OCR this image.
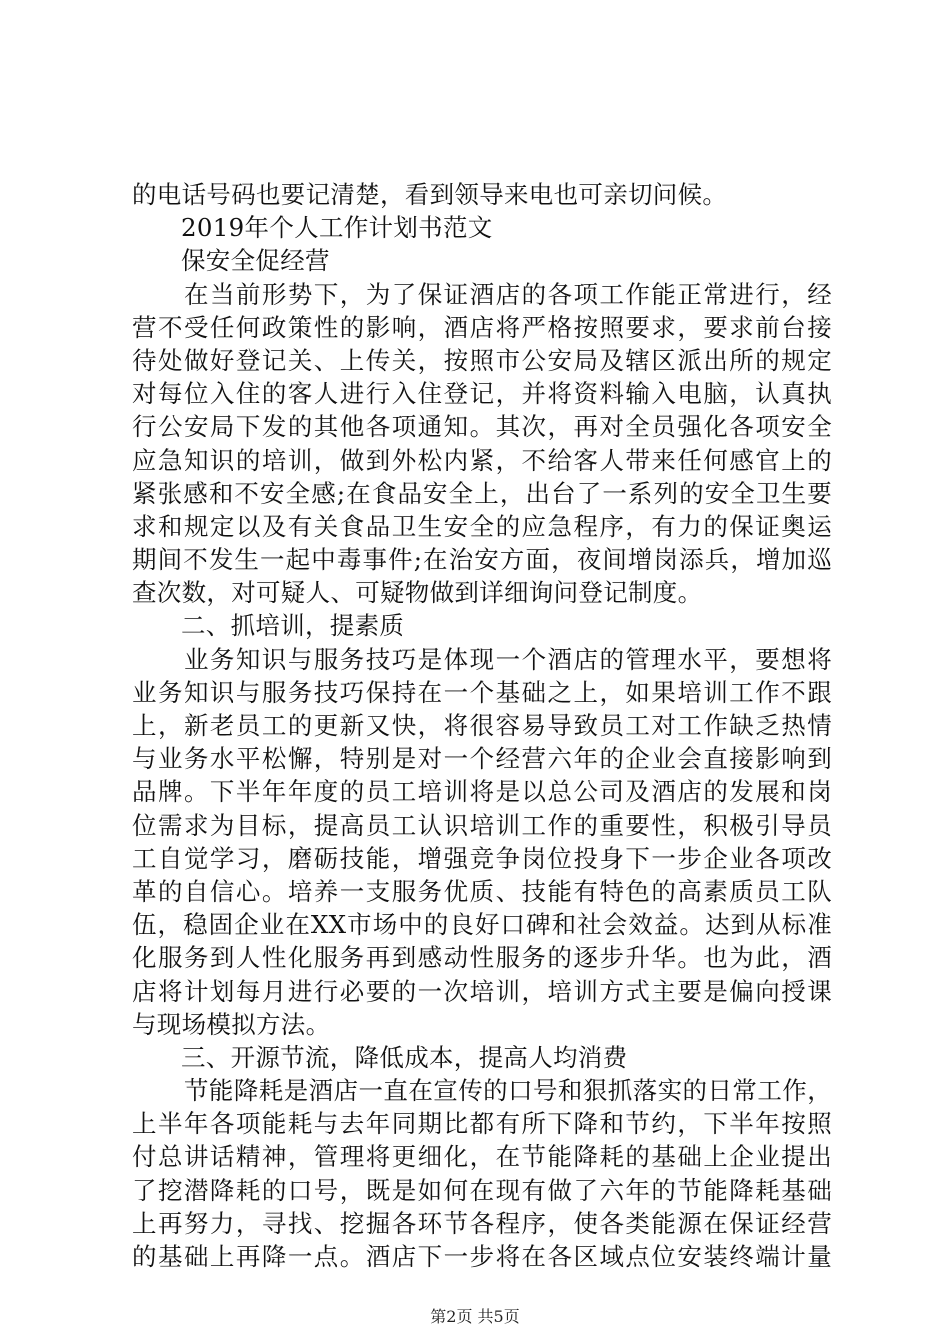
的电话号码也要记清楚，看到领导来电也可亲切问候。
2019年个人工作计划书范文
保安全促经营
在当前形势下，为了保证酒店的各项工作能正常进行，经
营不受任何政策性的影响，酒店将严格按照要求，要求前台接
待处做好登记关、上传关，按照市公安局及辖区派出所的规定
对每位入住的客人进行入住登记，并将资料输入电脑，认真执
行公安局下发的其他各项通知。其次，再对全员强化各项安全
应急知识的培训，做到外松内紧，不给客人带来任何感官上的
紧张感和不安全感;在食品安全上，出台了一系列的安全卫生要
求和规定以及有关食品卫生安全的应急程序，有力的保证奥运
期间不发生一起中毒事件;在治安方面，夜间增岗添兵，增加巡
查次数，对可疑人、可疑物做到详细询问登记制度。
二、抓培训，提素质
业务知识与服务技巧是体现一个酒店的管理水平，要想将
业务知识与服务技巧保持在一个基础之上，如果培训工作不跟
上，新老员工的更新又快，将很容易导致员工对工作缺乏热情
与业务水平松懈，特别是对一个经营六年的企业会直接影响到
品牌。下半年年度的员工培训将是以总公司及酒店的发展和岗
位需求为目标，提高员工认识培训工作的重要性，积极引导员
工自觉学习，磨砺技能，增强竞争岗位投身下一步企业各项改
革的自信心。培养一支服务优质、技能有特色的高素质员工队
伍，稳固企业在XX市场中的良好口碑和社会效益。达到从标准
化服务到人性化服务再到感动性服务的逐步升华。也为此，酒
店将计划每月进行必要的一次培训，培训方式主要是偏向授课
与现场模拟方法。
三、开源节流，降低成本，提高人均消费
节能降耗是酒店一直在宣传的口号和狠抓落实的日常工作，
上半年各项能耗与去年同期比都有所下降和节约，下半年按照
付总讲话精神，管理将更细化，在节能降耗的基础上企业提出
了挖潜降耗的口号，既是如何在现有做了六年的节能降耗基础
上再努力，寻找、挖掘各环节各程序，使各类能源在保证经营
的基础上再降一点。酒店下一步将在各区域点位安装终端计量
第2页 共5页
